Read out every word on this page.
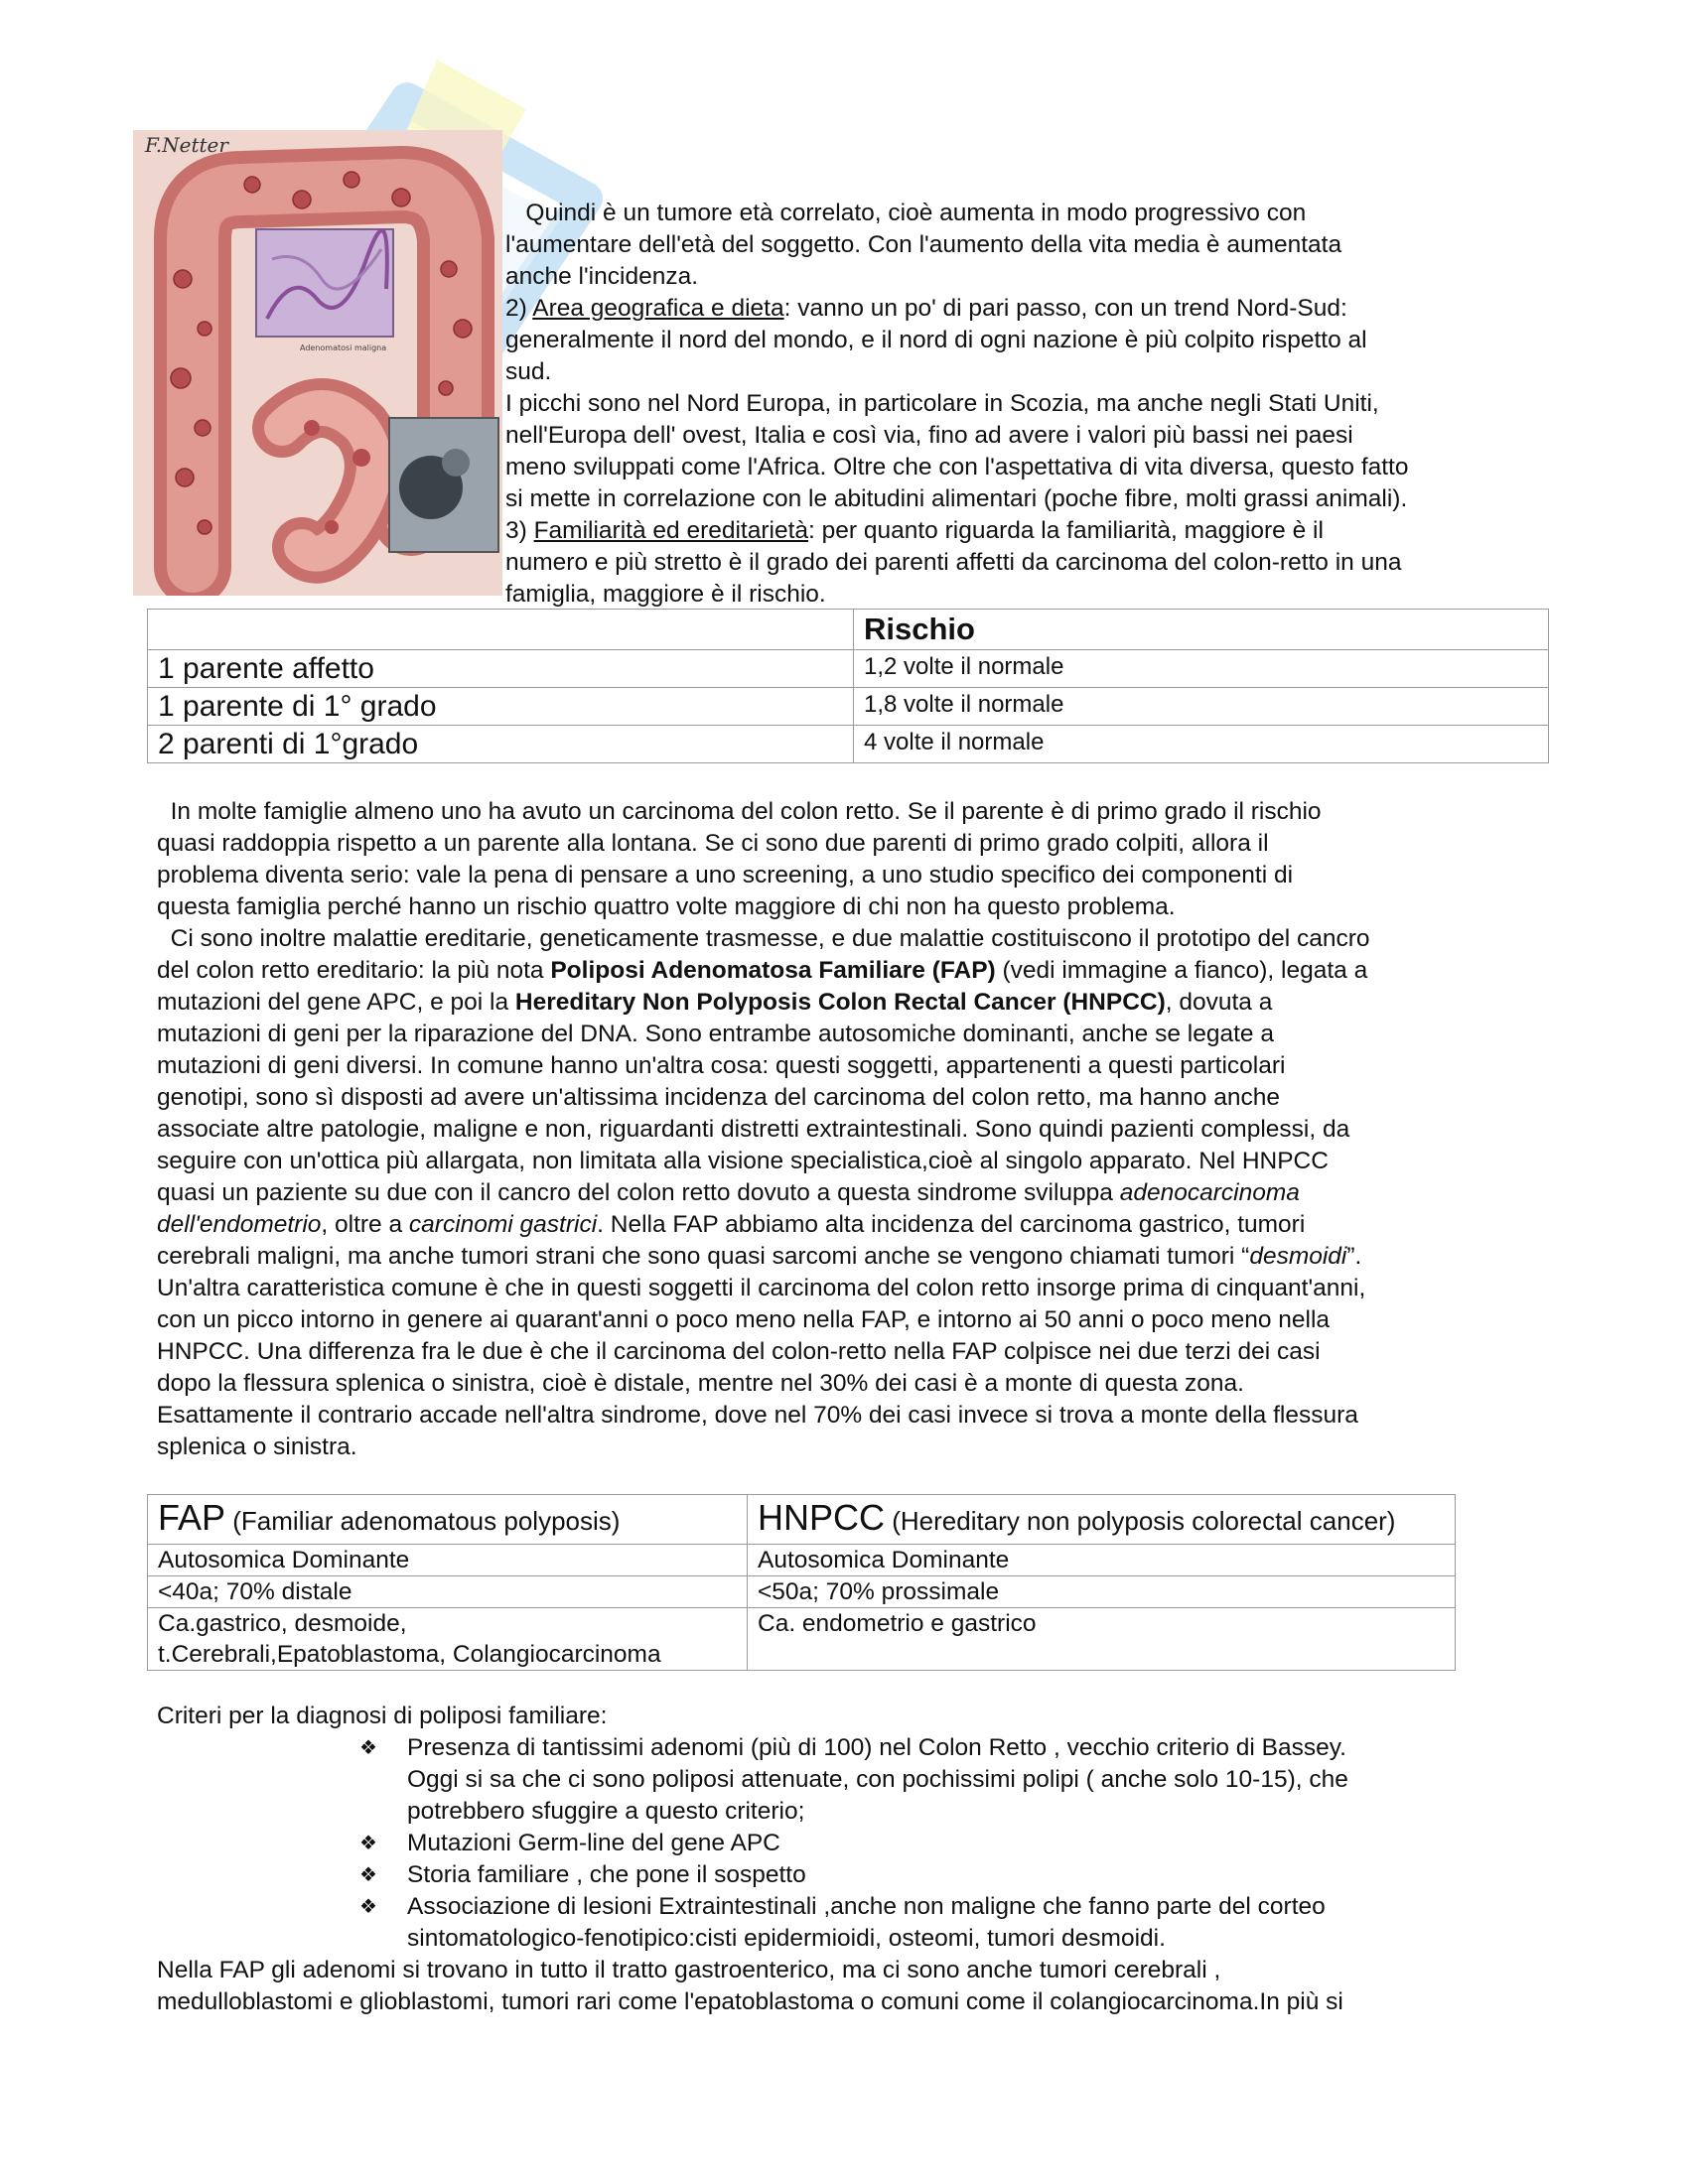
F.Netter
Adenomatosi maligna
Quindi è un tumore età correlato, cioè aumenta in modo progressivo con
l'aumentare dell'età del soggetto. Con l'aumento della vita media è aumentata
anche l'incidenza.
2) Area geografica e dieta: vanno un po' di pari passo, con un trend Nord-Sud:
generalmente il nord del mondo, e il nord di ogni nazione è più colpito rispetto al
sud.
I picchi sono nel Nord Europa, in particolare in Scozia, ma anche negli Stati Uniti,
nell'Europa dell' ovest, Italia e così via, fino ad avere i valori più bassi nei paesi
meno sviluppati come l'Africa. Oltre che con l'aspettativa di vita diversa, questo fatto
si mette in correlazione con le abitudini alimentari (poche fibre, molti grassi animali).
3) Familiarità ed ereditarietà: per quanto riguarda la familiarità, maggiore è il
numero e più stretto è il grado dei parenti affetti da carcinoma del colon-retto in una
famiglia, maggiore è il rischio.
	Rischio
1 parente affetto	1,2 volte il normale
1 parente di 1° grado	1,8 volte il normale
2 parenti di 1°grado	4 volte il normale
In molte famiglie almeno uno ha avuto un carcinoma del colon retto. Se il parente è di primo grado il rischio
quasi raddoppia rispetto a un parente alla lontana. Se ci sono due parenti di primo grado colpiti, allora il
problema diventa serio: vale la pena di pensare a uno screening, a uno studio specifico dei componenti di
questa famiglia perché hanno un rischio quattro volte maggiore di chi non ha questo problema.
Ci sono inoltre malattie ereditarie, geneticamente trasmesse, e due malattie costituiscono il prototipo del cancro
del colon retto ereditario: la più nota Poliposi Adenomatosa Familiare (FAP) (vedi immagine a fianco), legata a
mutazioni del gene APC, e poi la Hereditary Non Polyposis Colon Rectal Cancer (HNPCC), dovuta a
mutazioni di geni per la riparazione del DNA. Sono entrambe autosomiche dominanti, anche se legate a
mutazioni di geni diversi. In comune hanno un'altra cosa: questi soggetti, appartenenti a questi particolari
genotipi, sono sì disposti ad avere un'altissima incidenza del carcinoma del colon retto, ma hanno anche
associate altre patologie, maligne e non, riguardanti distretti extraintestinali. Sono quindi pazienti complessi, da
seguire con un'ottica più allargata, non limitata alla visione specialistica,cioè al singolo apparato. Nel HNPCC
quasi un paziente su due con il cancro del colon retto dovuto a questa sindrome sviluppa adenocarcinoma
dell'endometrio, oltre a carcinomi gastrici. Nella FAP abbiamo alta incidenza del carcinoma gastrico, tumori
cerebrali maligni, ma anche tumori strani che sono quasi sarcomi anche se vengono chiamati tumori “desmoidi”.
Un'altra caratteristica comune è che in questi soggetti il carcinoma del colon retto insorge prima di cinquant'anni,
con un picco intorno in genere ai quarant'anni o poco meno nella FAP, e intorno ai 50 anni o poco meno nella
HNPCC. Una differenza fra le due è che il carcinoma del colon-retto nella FAP colpisce nei due terzi dei casi
dopo la flessura splenica o sinistra, cioè è distale, mentre nel 30% dei casi è a monte di questa zona.
Esattamente il contrario accade nell'altra sindrome, dove nel 70% dei casi invece si trova a monte della flessura
splenica o sinistra.
FAP (Familiar adenomatous polyposis)	HNPCC (Hereditary non polyposis colorectal cancer)
Autosomica Dominante	Autosomica Dominante
<40a; 70% distale	<50a; 70% prossimale

Ca.gastrico, desmoide,
t.Cerebrali,Epatoblastoma, Colangiocarcinoma	Ca. endometrio e gastrico
Criteri per la diagnosi di poliposi familiare:
❖ Presenza di tantissimi adenomi (più di 100) nel Colon Retto , vecchio criterio di Bassey.
Oggi si sa che ci sono poliposi attenuate, con pochissimi polipi ( anche solo 10-15), che
potrebbero sfuggire a questo criterio;
❖ Mutazioni Germ-line del gene APC
❖ Storia familiare , che pone il sospetto
❖ Associazione di lesioni Extraintestinali ,anche non maligne che fanno parte del corteo
sintomatologico-fenotipico:cisti epidermioidi, osteomi, tumori desmoidi.
Nella FAP gli adenomi si trovano in tutto il tratto gastroenterico, ma ci sono anche tumori cerebrali ,
medulloblastomi e glioblastomi, tumori rari come l'epatoblastoma o comuni come il colangiocarcinoma.In più si
